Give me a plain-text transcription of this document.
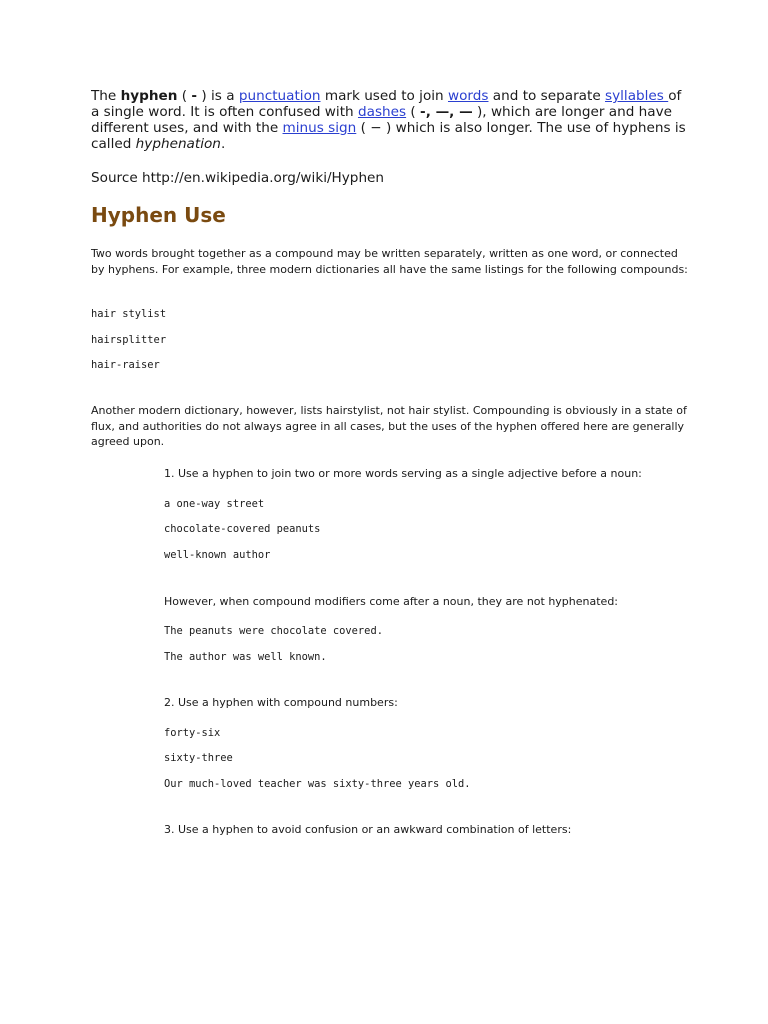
The hyphen ( - ) is a punctuation mark used to join words and to separate syllables of a single word. It is often confused with dashes ( -, —, — ), which are longer and have different uses, and with the minus sign ( − ) which is also longer. The use of hyphens is called hyphenation.

Source http://en.wikipedia.org/wiki/Hyphen

Hyphen Use

Two words brought together as a compound may be written separately, written as one word, or connected by hyphens. For example, three modern dictionaries all have the same listings for the following compounds:

hair stylist

hairsplitter

hair-raiser

Another modern dictionary, however, lists hairstylist, not hair stylist. Compounding is obviously in a state of flux, and authorities do not always agree in all cases, but the uses of the hyphen offered here are generally agreed upon.

1. Use a hyphen to join two or more words serving as a single adjective before a noun:

a one-way street

chocolate-covered peanuts

well-known author

However, when compound modifiers come after a noun, they are not hyphenated:

The peanuts were chocolate covered.

The author was well known.

2. Use a hyphen with compound numbers:

forty-six

sixty-three

Our much-loved teacher was sixty-three years old.

3. Use a hyphen to avoid confusion or an awkward combination of letters:
